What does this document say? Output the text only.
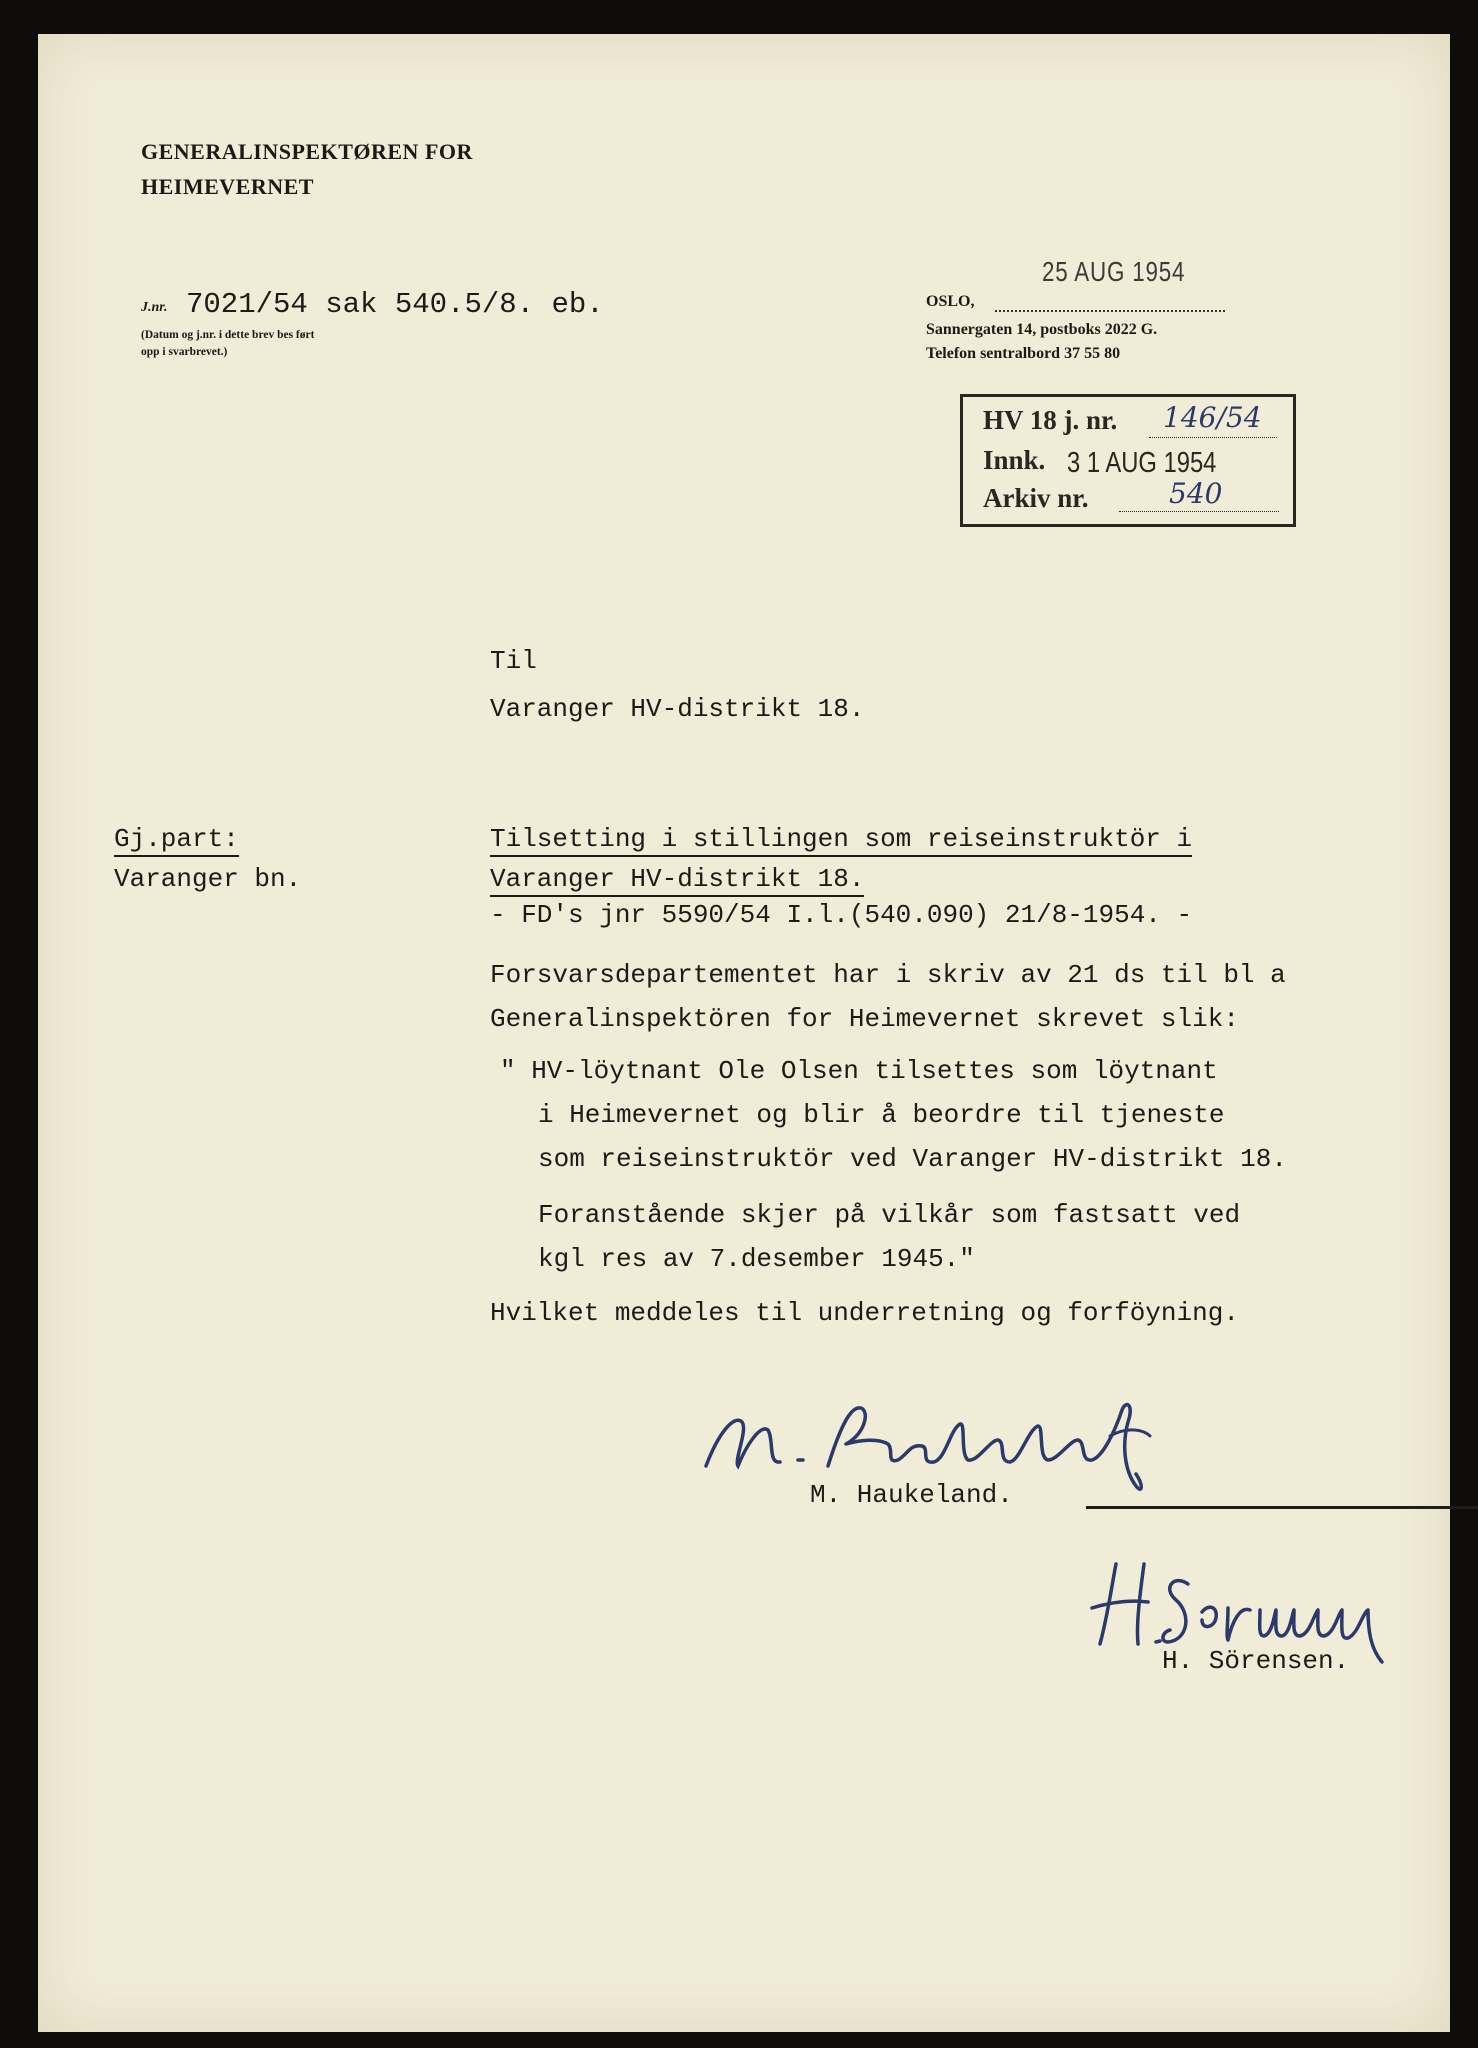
GENERALINSPEKTØREN FOR
HEIMEVERNET
J.nr. 7021/54 sak 540.5/8. eb.
(Datum og j.nr. i dette brev bes ført
opp i svarbrevet.)
25 AUG 1954
OSLO,
Sannergaten 14, postboks 2022 G.
Telefon sentralbord 37 55 80
HV 18 j. nr. 146/54
Innk. 3 1 AUG 1954
Arkiv nr.	540
Til
Varanger HV-distrikt 18.
Gj.part:
Varanger bn.
Tilsetting i stillingen som reiseinstruktör i
Varanger HV-distrikt 18.
- FD's jnr 5590/54 I.l.(540.090) 21/8-1954. -
Forsvarsdepartementet har i skriv av 21 ds til bl a
Generalinspektören for Heimevernet skrevet slik:
" HV-löytnant Ole Olsen tilsettes som löytnant
i Heimevernet og blir å beordre til tjeneste
som reiseinstruktör ved Varanger HV-distrikt 18.
Foranstående skjer på vilkår som fastsatt ved
kgl res av 7.desember 1945."
Hvilket meddeles til underretning og forföyning.
M. Haukeland.
H. Sörensen.
